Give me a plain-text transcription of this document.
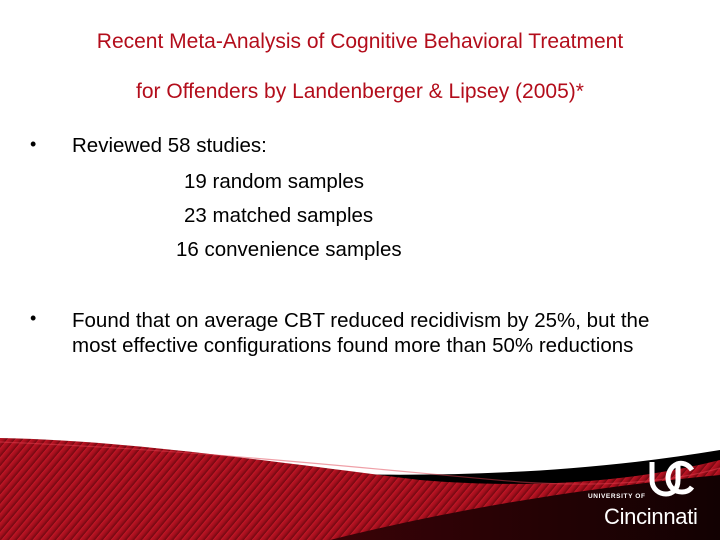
Recent Meta-Analysis of Cognitive Behavioral Treatment
for Offenders by Landenberger & Lipsey (2005)*
• Reviewed 58 studies:
•
19 random samples
23 matched samples
16 convenience samples
Found that on average CBT reduced recidivism by 25%, but the most effective configurations found more than 50% reductions
UNIVERSITY OF
Cincinnati
